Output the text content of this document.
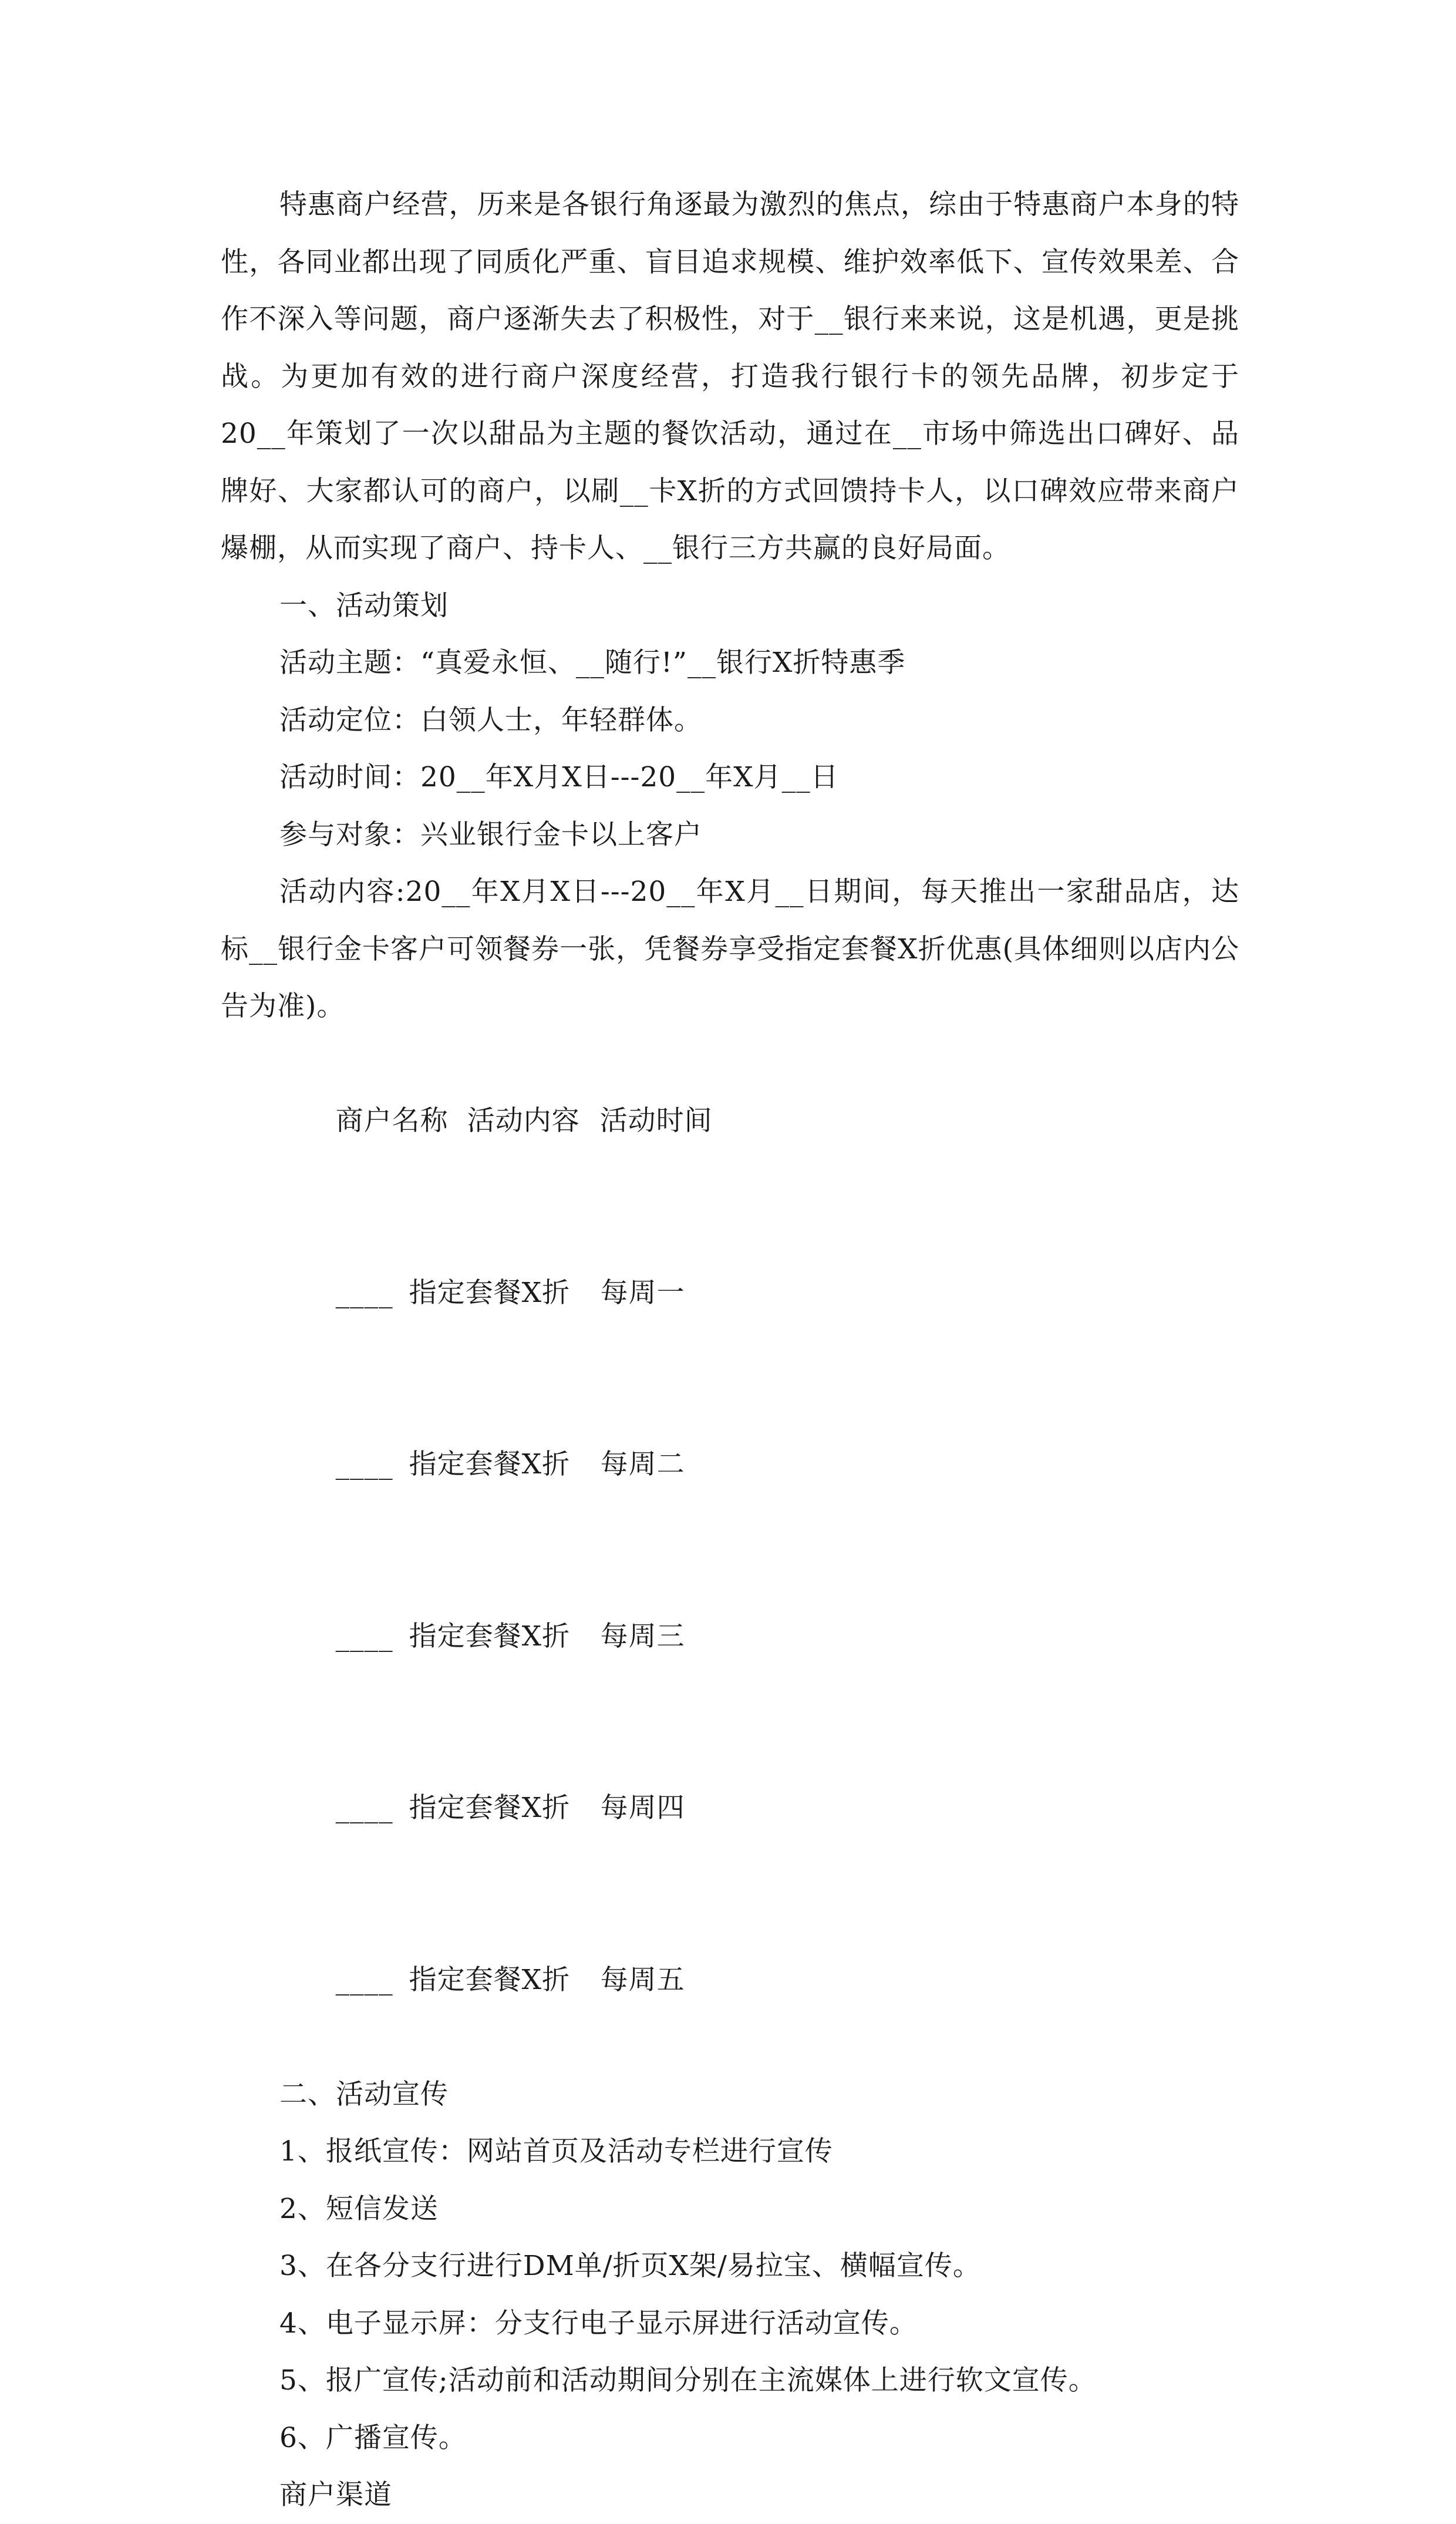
特惠商户经营，历来是各银行角逐最为激烈的焦点，综由于特惠商户本身的特性，各同业都出现了同质化严重、盲目追求规模、维护效率低下、宣传效果差、合作不深入等问题，商户逐渐失去了积极性，对于__银行来来说，这是机遇，更是挑战。为更加有效的进行商户深度经营，打造我行银行卡的领先品牌，初步定于20__年策划了一次以甜品为主题的餐饮活动，通过在__市场中筛选出口碑好、品牌好、大家都认可的商户，以刷__卡X折的方式回馈持卡人，以口碑效应带来商户爆棚，从而实现了商户、持卡人、__银行三方共赢的良好局面。

一、活动策划

活动主题：“真爱永恒、__随行!”__银行X折特惠季

活动定位：白领人士，年轻群体。

活动时间：20__年X月X日---20__年X月__日

参与对象：兴业银行金卡以上客户

活动内容:20__年X月X日---20__年X月__日期间，每天推出一家甜品店，达标__银行金卡客户可领餐券一张，凭餐券享受指定套餐X折优惠(具体细则以店内公告为准)。

商户名称 活动内容 活动时间

____ 指定套餐X折 每周一

____ 指定套餐X折 每周二

____ 指定套餐X折 每周三

____ 指定套餐X折 每周四

____ 指定套餐X折 每周五

二、活动宣传

1、报纸宣传：网站首页及活动专栏进行宣传

2、短信发送

3、在各分支行进行DM单/折页X架/易拉宝、横幅宣传。

4、电子显示屏：分支行电子显示屏进行活动宣传。

5、报广宣传;活动前和活动期间分别在主流媒体上进行软文宣传。

6、广播宣传。

商户渠道
